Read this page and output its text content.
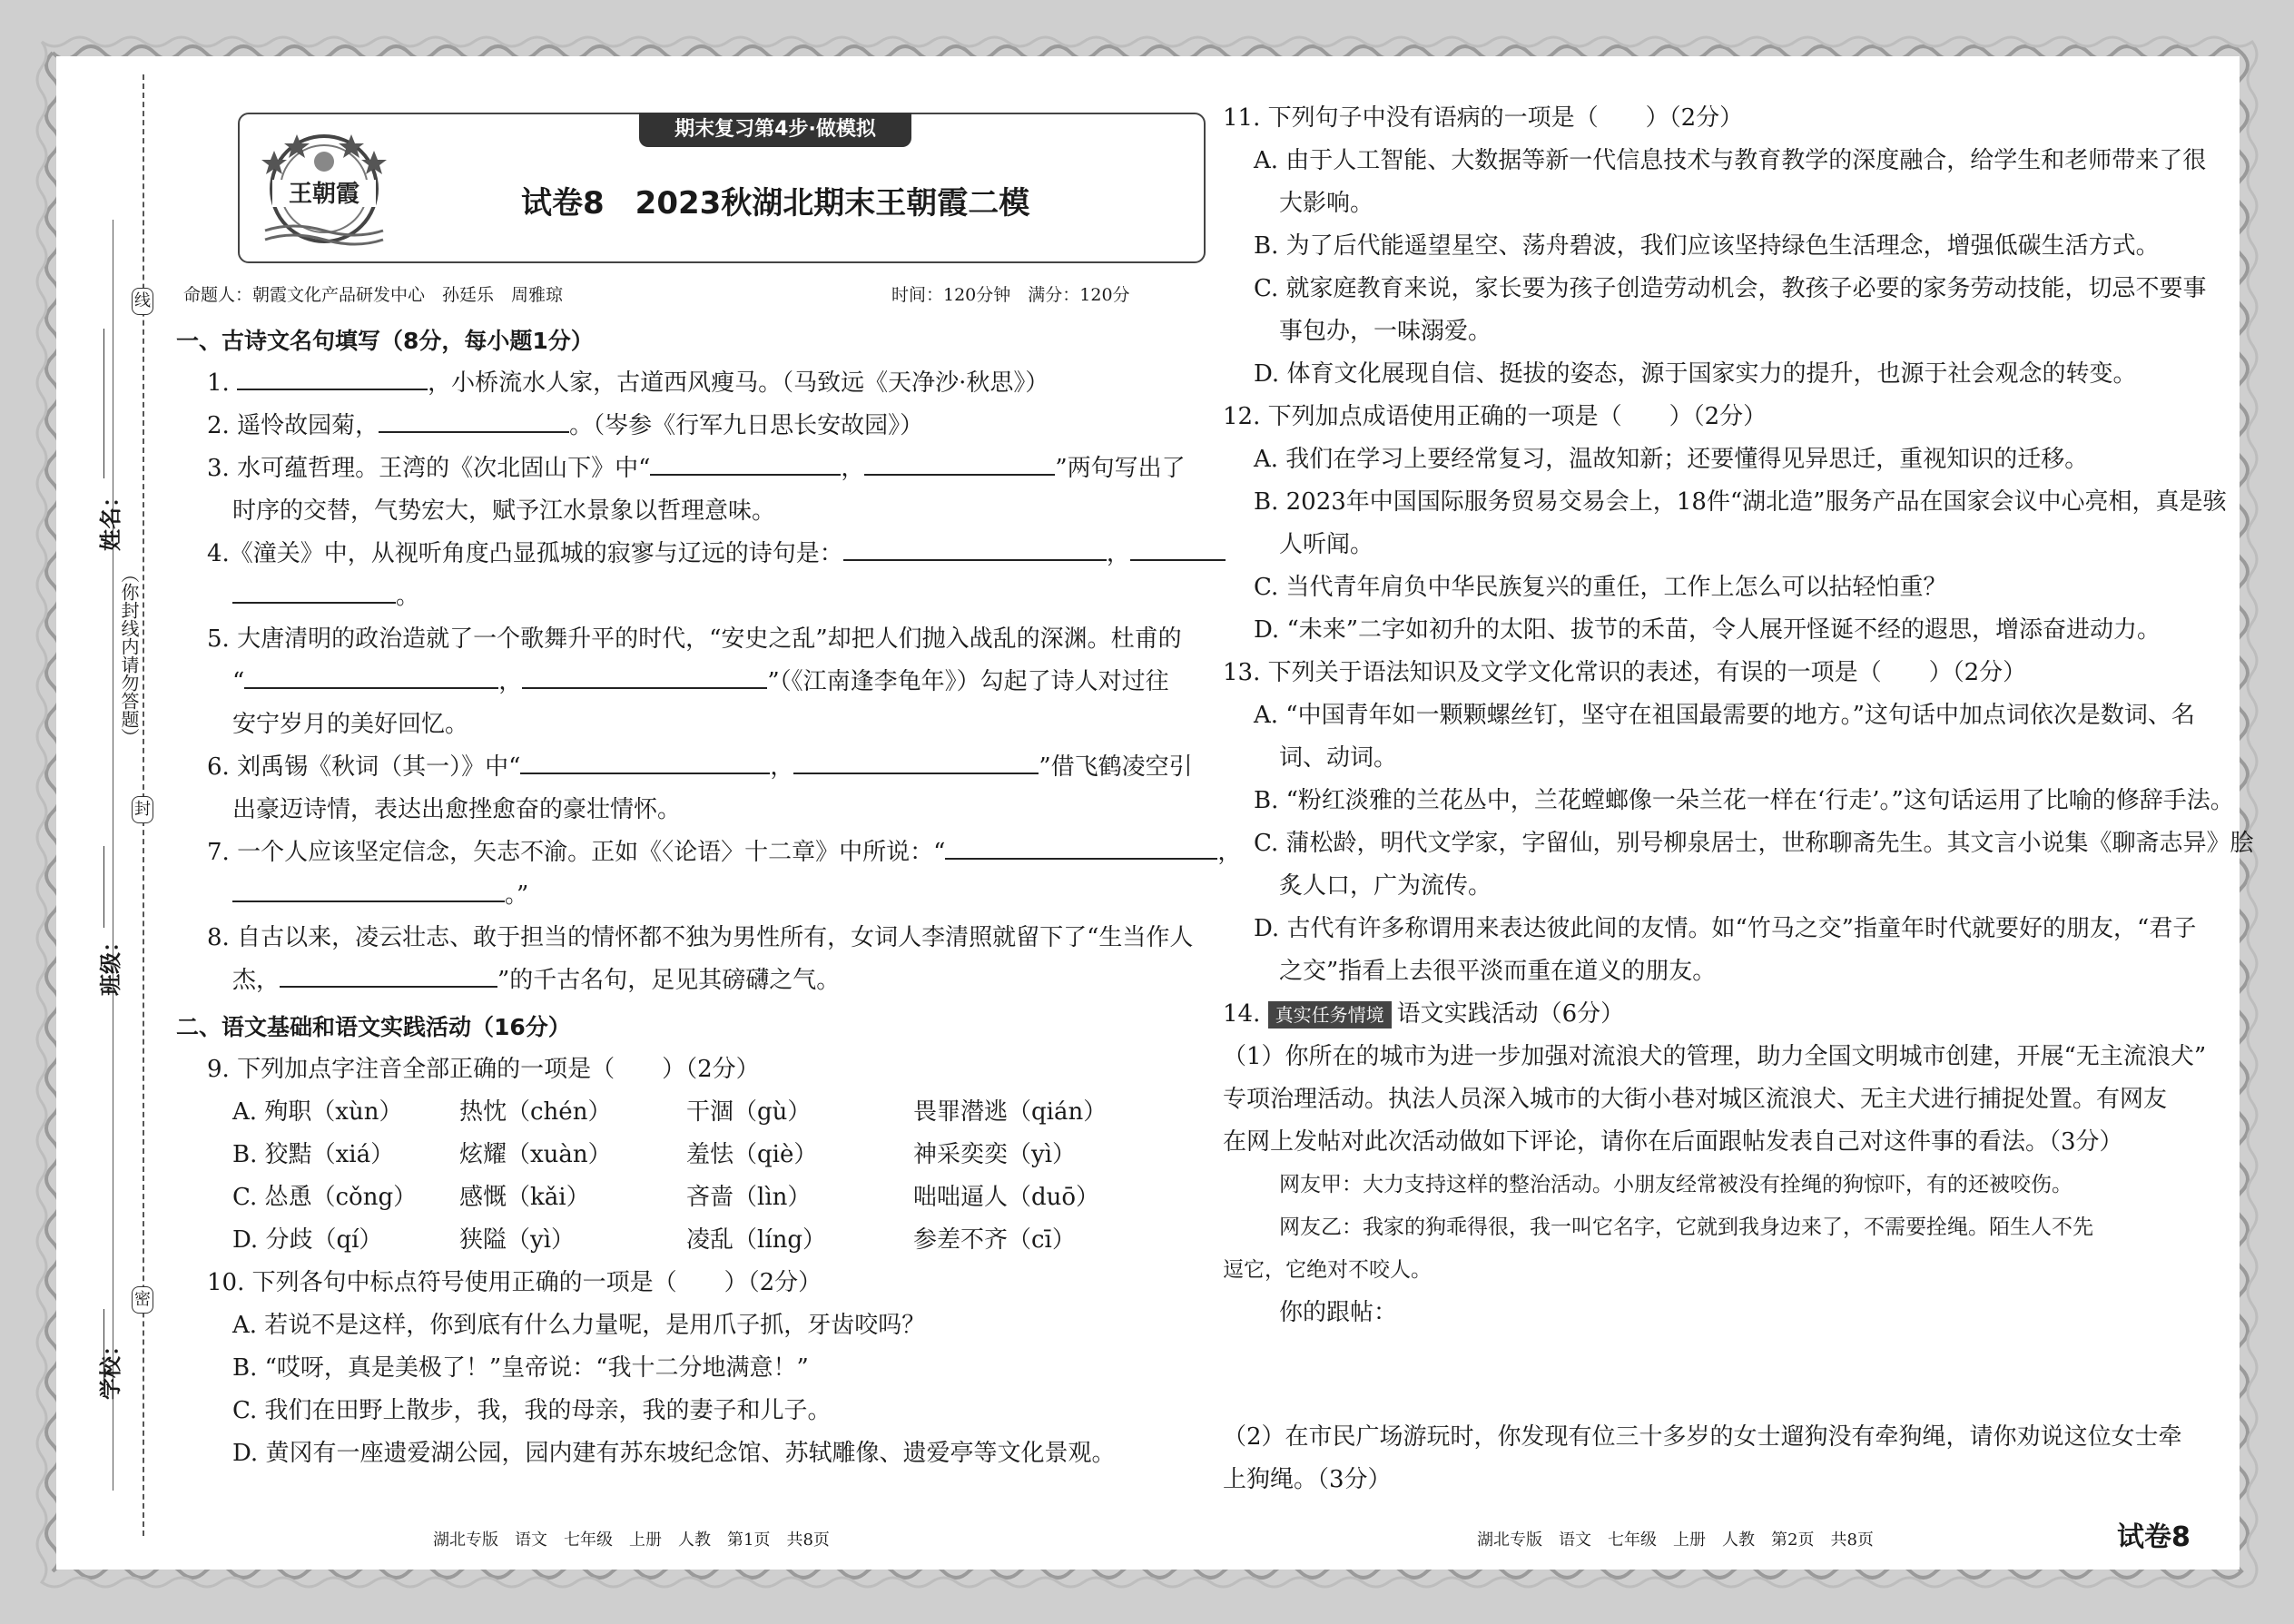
线
封
密
（你封线内请勿答题）
姓名：
班级：
学校：
期末复习第4步·做模拟
王朝霞	试卷8　2023秋湖北期末王朝霞二模
命题人：朝霞文化产品研发中心　孙廷乐　周雅琼	时间：120分钟　满分：120分

一、古诗文名句填写（8分，每小题1分）

1.	，小桥流水人家，古道西风瘦马。（马致远《天净沙·秋思》）

2. 遥怜故园菊，	。（岑参《行军九日思长安故园》）

3. 水可蕴哲理。王湾的《次北固山下》中“	，	”两句写出了

时序的交替，气势宏大，赋予江水景象以哲理意味。

4.《潼关》中，从视听角度凸显孤城的寂寥与辽远的诗句是：	，

。

5. 大唐清明的政治造就了一个歌舞升平的时代，“安史之乱”却把人们抛入战乱的深渊。杜甫的

“	，	”（《江南逢李龟年》）勾起了诗人对过往

安宁岁月的美好回忆。

6. 刘禹锡《秋词（其一）》中“	，	”借飞鹤凌空引

出豪迈诗情，表达出愈挫愈奋的豪壮情怀。

7. 一个人应该坚定信念，矢志不渝。正如《〈论语〉十二章》中所说：“	，

。”

8. 自古以来，凌云壮志、敢于担当的情怀都不独为男性所有，女词人李清照就留下了“生当作人

杰，	”的千古名句，足见其磅礴之气。

二、语文基础和语文实践活动（16分）

9. 下列加点字注音全部正确的一项是（　　）（2分）

A. 殉职（xùn） 热忱（chén）	干涸（gù）	畏罪潜逃（qián）

B. 狡黠（xiá）	炫耀（xuàn）	羞怯（qiè）	神采奕奕（yì）

C. 怂恿（cǒng） 感慨（kǎi）	吝啬（lìn）	咄咄逼人（duō）

D. 分歧（qí）	狭隘（yì）	凌乱（líng）	参差不齐（cī）

10. 下列各句中标点符号使用正确的一项是（　　）（2分）

A. 若说不是这样，你到底有什么力量呢，是用爪子抓，牙齿咬吗？

B. “哎呀，真是美极了！”皇帝说：“我十二分地满意！”

C. 我们在田野上散步，我，我的母亲，我的妻子和儿子。

D. 黄冈有一座遗爱湖公园，园内建有苏东坡纪念馆、苏轼雕像、遗爱亭等文化景观。

11. 下列句子中没有语病的一项是（　　）（2分）

A. 由于人工智能、大数据等新一代信息技术与教育教学的深度融合，给学生和老师带来了很

大影响。

B. 为了后代能遥望星空、荡舟碧波，我们应该坚持绿色生活理念，增强低碳生活方式。

C. 就家庭教育来说，家长要为孩子创造劳动机会，教孩子必要的家务劳动技能，切忌不要事

事包办，一味溺爱。

D. 体育文化展现自信、挺拔的姿态，源于国家实力的提升，也源于社会观念的转变。

12. 下列加点成语使用正确的一项是（　　）（2分）

A. 我们在学习上要经常复习，温故知新；还要懂得见异思迁，重视知识的迁移。

B. 2023年中国国际服务贸易交易会上，18件“湖北造”服务产品在国家会议中心亮相，真是骇

人听闻。

C. 当代青年肩负中华民族复兴的重任，工作上怎么可以拈轻怕重？

D. “未来”二字如初升的太阳、拔节的禾苗，令人展开怪诞不经的遐思，增添奋进动力。

13. 下列关于语法知识及文学文化常识的表述，有误的一项是（　　）（2分）

A. “中国青年如一颗颗螺丝钉，坚守在祖国最需要的地方。”这句话中加点词依次是数词、名

词、动词。

B. “粉红淡雅的兰花丛中，兰花螳螂像一朵兰花一样在‘行走’。”这句话运用了比喻的修辞手法。

C. 蒲松龄，明代文学家，字留仙，别号柳泉居士，世称聊斋先生。其文言小说集《聊斋志异》脍

炙人口，广为流传。

D. 古代有许多称谓用来表达彼此间的友情。如“竹马之交”指童年时代就要好的朋友，“君子

之交”指看上去很平淡而重在道义的朋友。

14. 真实任务情境 语文实践活动（6分）

（1）你所在的城市为进一步加强对流浪犬的管理，助力全国文明城市创建，开展“无主流浪犬”

专项治理活动。执法人员深入城市的大街小巷对城区流浪犬、无主犬进行捕捉处置。有网友

在网上发帖对此次活动做如下评论，请你在后面跟帖发表自己对这件事的看法。（3分）

网友甲：大力支持这样的整治活动。小朋友经常被没有拴绳的狗惊吓，有的还被咬伤。

网友乙：我家的狗乖得很，我一叫它名字，它就到我身边来了，不需要拴绳。陌生人不先

逗它，它绝对不咬人。

你的跟帖：

（2）在市民广场游玩时，你发现有位三十多岁的女士遛狗没有牵狗绳，请你劝说这位女士牵

上狗绳。（3分）

湖北专版　语文　七年级　上册　人教　第1页　共8页	湖北专版　语文　七年级　上册　人教　第2页　共8页	试卷8
